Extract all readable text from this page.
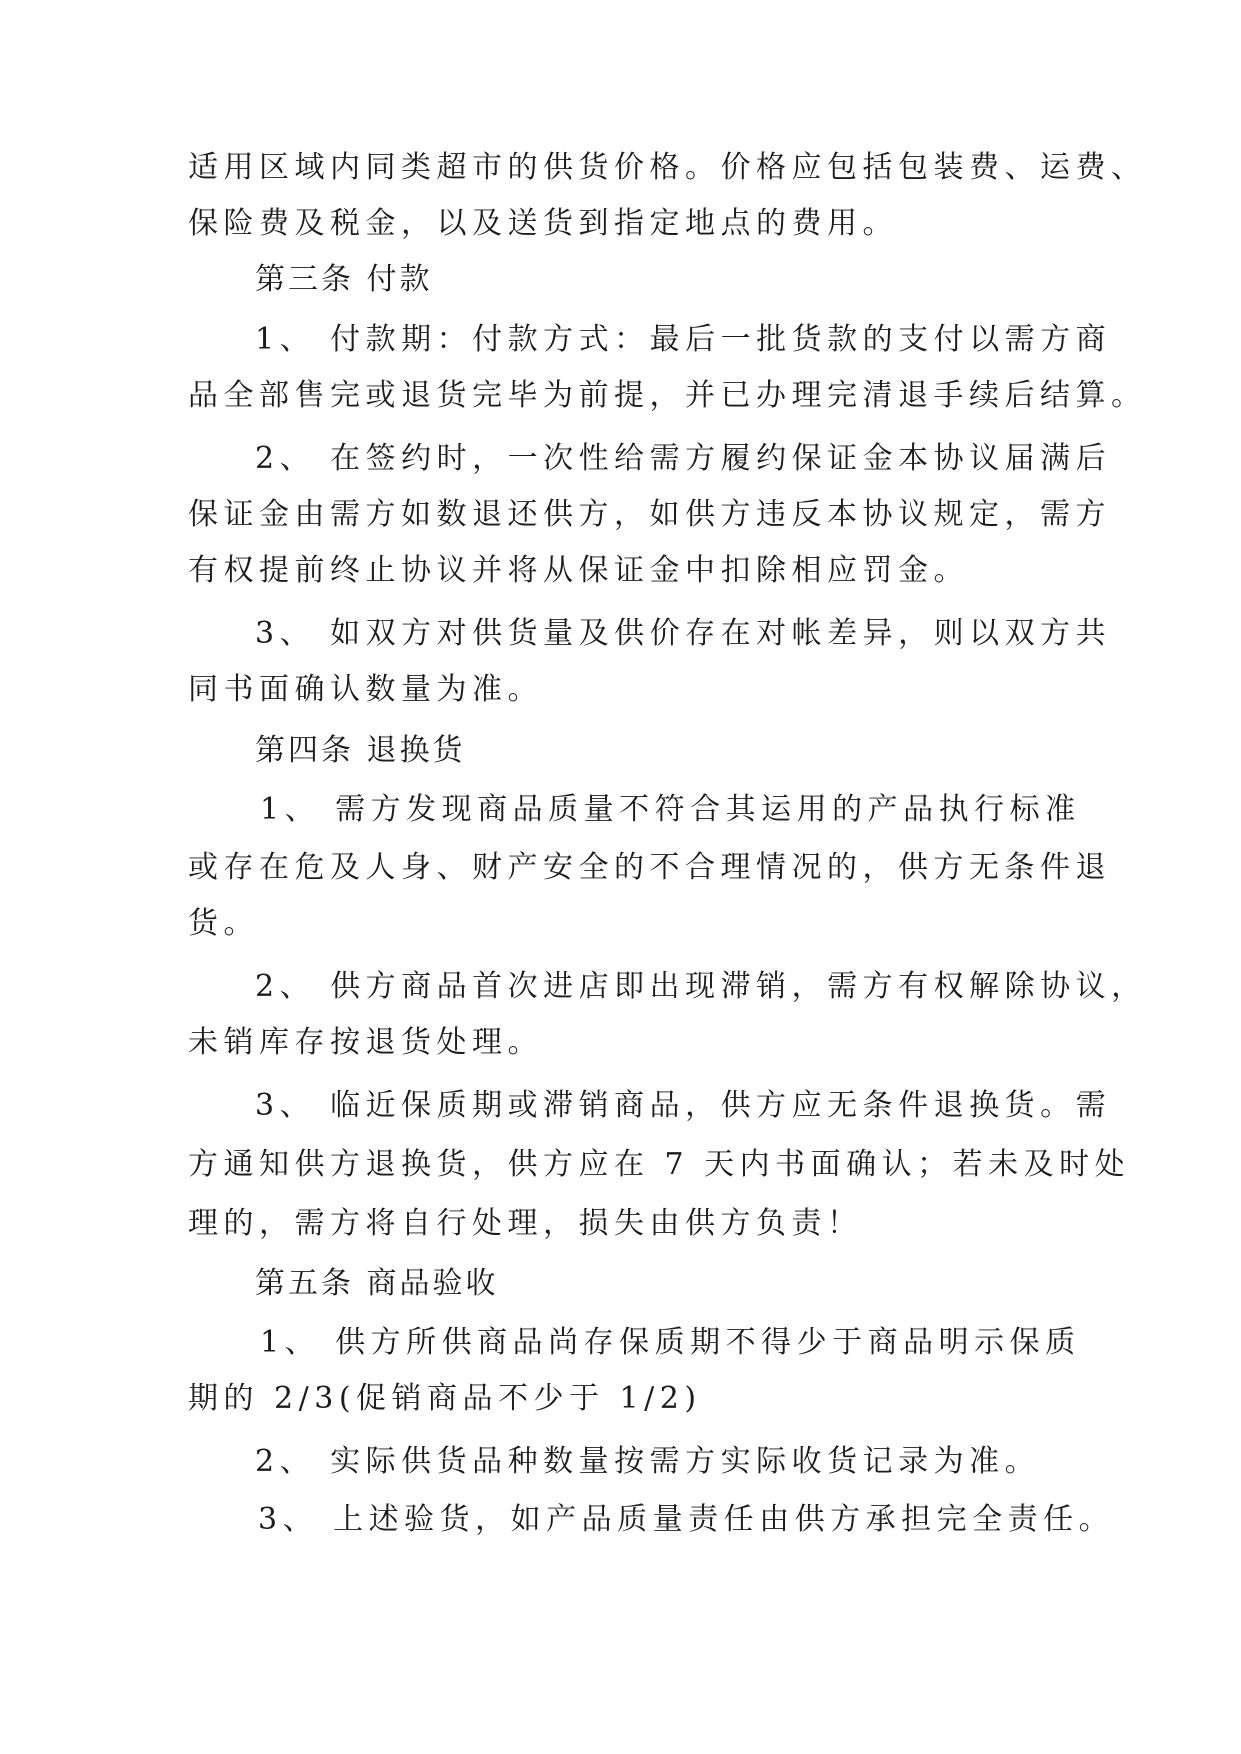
适用区域内同类超市的供货价格。价格应包括包装费、运费、
保险费及税金，以及送货到指定地点的费用。
第三条 付款
1、 付款期：付款方式：最后一批货款的支付以需方商
品全部售完或退货完毕为前提，并已办理完清退手续后结算。
2、 在签约时，一次性给需方履约保证金本协议届满后
保证金由需方如数退还供方，如供方违反本协议规定，需方
有权提前终止协议并将从保证金中扣除相应罚金。
3、 如双方对供货量及供价存在对帐差异，则以双方共
同书面确认数量为准。
第四条 退换货
1、 需方发现商品质量不符合其运用的产品执行标准
或存在危及人身、财产安全的不合理情况的，供方无条件退
货。
2、 供方商品首次进店即出现滞销，需方有权解除协议，
未销库存按退货处理。
3、 临近保质期或滞销商品，供方应无条件退换货。需
方通知供方退换货，供方应在 7 天内书面确认；若未及时处
理的，需方将自行处理，损失由供方负责！
第五条 商品验收
1、 供方所供商品尚存保质期不得少于商品明示保质
期的 2/3(促销商品不少于 1/2)
2、 实际供货品种数量按需方实际收货记录为准。
3、 上述验货，如产品质量责任由供方承担完全责任。
